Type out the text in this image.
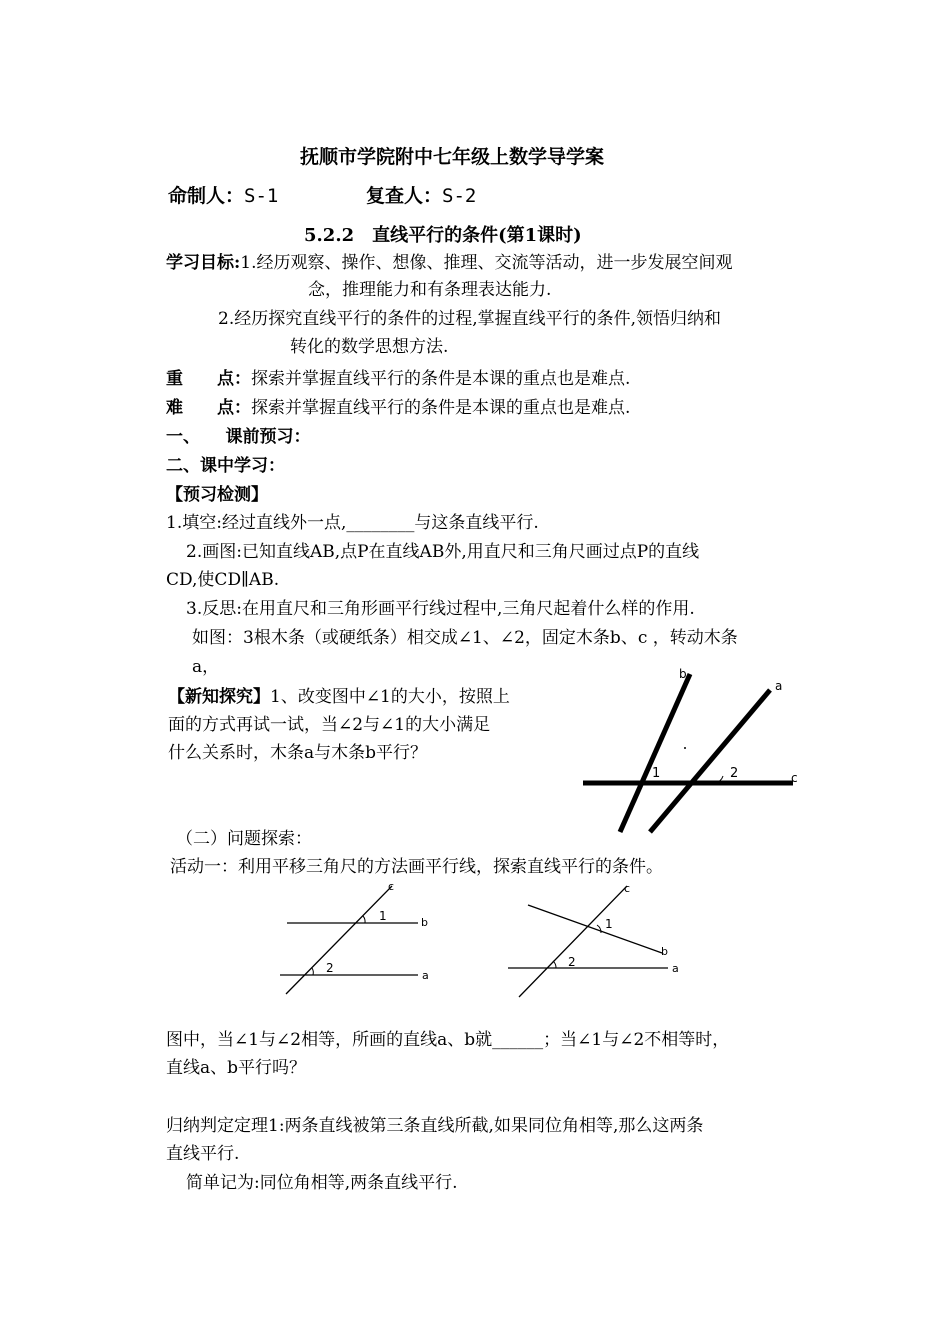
抚顺市学院附中七年级上数学导学案
命制人：S-1	复查人：S-2
5.2.2　直线平行的条件(第1课时)
学习目标:1.经历观察、操作、想像、推理、交流等活动，进一步发展空间观
念，推理能力和有条理表达能力.
2.经历探究直线平行的条件的过程,掌握直线平行的条件,领悟归纳和
转化的数学思想方法.
重　　点：探索并掌握直线平行的条件是本课的重点也是难点.
难　　点：探索并掌握直线平行的条件是本课的重点也是难点.
一、　　课前预习：
二、课中学习：
【预习检测】
1.填空:经过直线外一点,________与这条直线平行.
2.画图:已知直线AB,点P在直线AB外,用直尺和三角尺画过点P的直线
CD,使CD∥AB.
3.反思:在用直尺和三角形画平行线过程中,三角尺起着什么样的作用.
如图：3根木条（或硬纸条）相交成∠1、∠2，固定木条b、c ，转动木条
a，
【新知探究】1、改变图中∠1的大小，按照上
面的方式再试一试，当∠2与∠1的大小满足
什么关系时，木条a与木条b平行？
b
a
c
1	2
（二）问题探索：
活动一：利用平移三角尺的方法画平行线，探索直线平行的条件。
c
b
a
1
2
c
b
a
1
2
图中，当∠1与∠2相等，所画的直线a、b就______；当∠1与∠2不相等时，
直线a、b平行吗？
归纳判定定理1:两条直线被第三条直线所截,如果同位角相等,那么这两条
直线平行.
简单记为:同位角相等,两条直线平行.
